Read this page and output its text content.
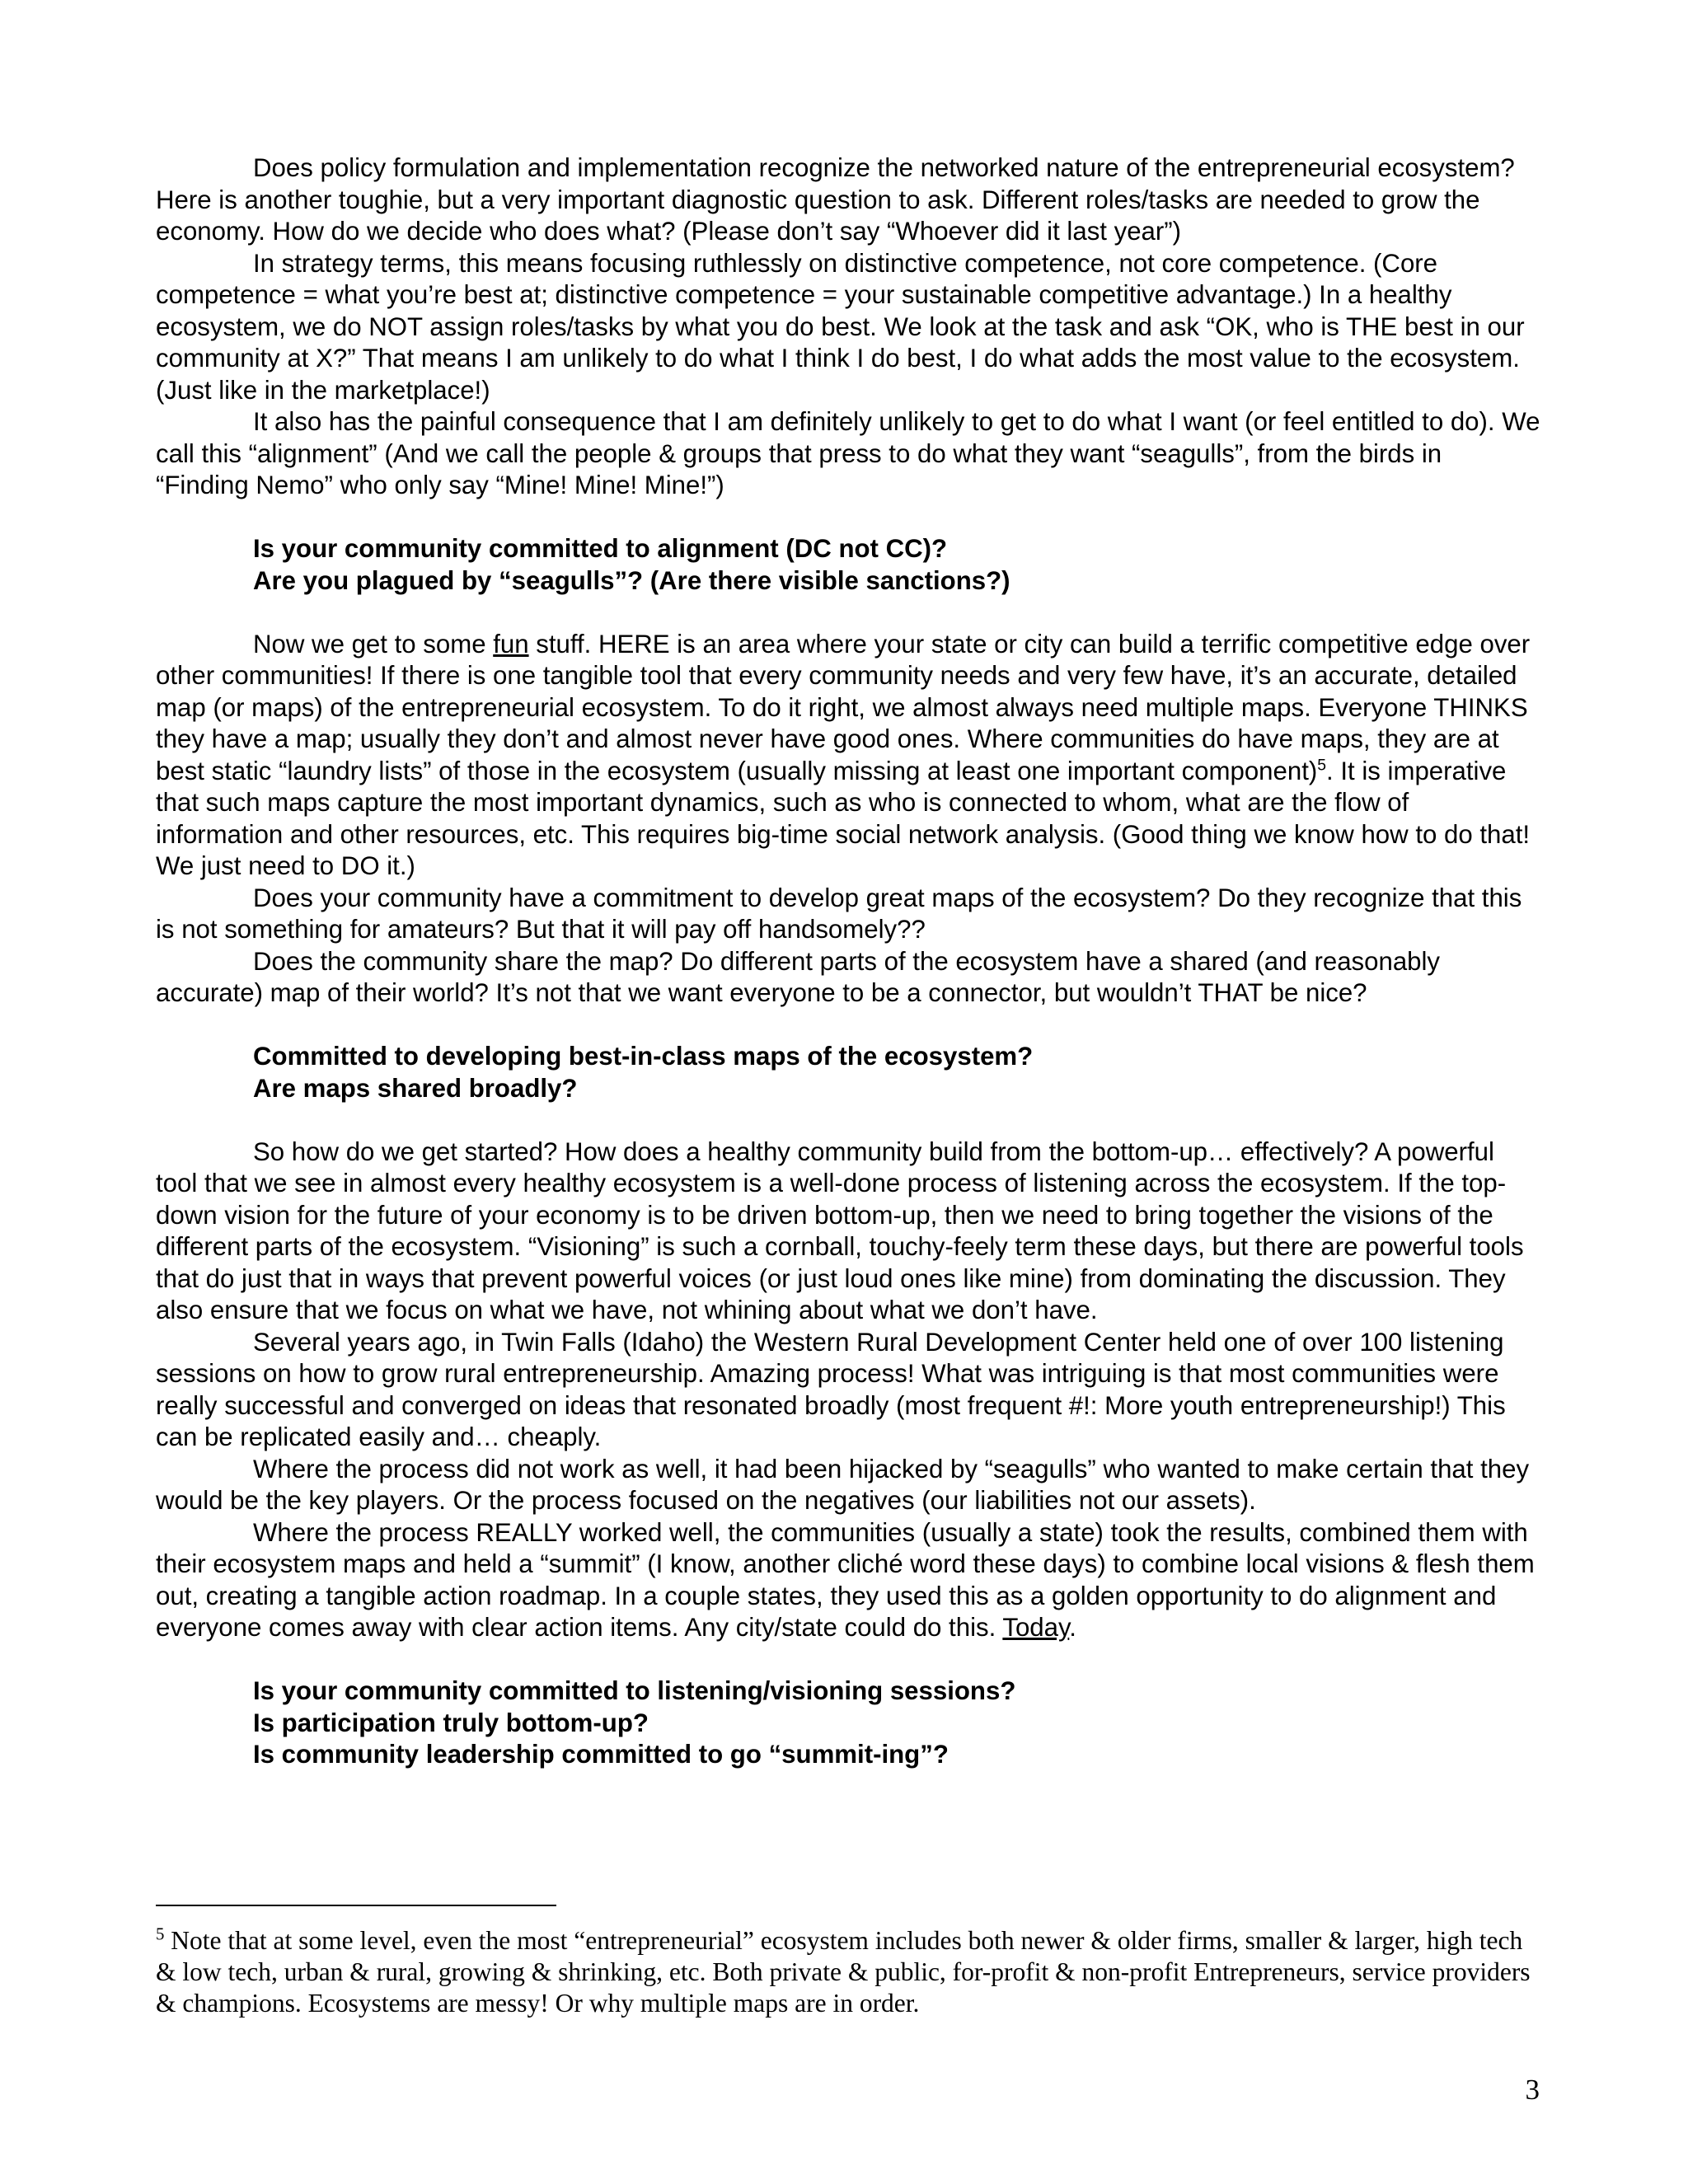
Does policy formulation and implementation recognize the networked nature of the entrepreneurial ecosystem? Here is another toughie, but a very important diagnostic question to ask. Different roles/tasks are needed to grow the economy. How do we decide who does what? (Please don’t say “Whoever did it last year”)

In strategy terms, this means focusing ruthlessly on distinctive competence, not core competence. (Core competence = what you’re best at; distinctive competence = your sustainable competitive advantage.) In a healthy ecosystem, we do NOT assign roles/tasks by what you do best. We look at the task and ask “OK, who is THE best in our community at X?” That means I am unlikely to do what I think I do best, I do what adds the most value to the ecosystem. (Just like in the marketplace!)

It also has the painful consequence that I am definitely unlikely to get to do what I want (or feel entitled to do). We call this “alignment” (And we call the people & groups that press to do what they want “seagulls”, from the birds in “Finding Nemo” who only say “Mine! Mine! Mine!”)

Is your community committed to alignment (DC not CC)?
Are you plagued by “seagulls”? (Are there visible sanctions?)

Now we get to some fun stuff. HERE is an area where your state or city can build a terrific competitive edge over other communities! If there is one tangible tool that every community needs and very few have, it’s an accurate, detailed map (or maps) of the entrepreneurial ecosystem. To do it right, we almost always need multiple maps. Everyone THINKS they have a map; usually they don’t and almost never have good ones. Where communities do have maps, they are at best static “laundry lists” of those in the ecosystem (usually missing at least one important component)$^5$. It is imperative that such maps capture the most important dynamics, such as who is connected to whom, what are the flow of information and other resources, etc. This requires big-time social network analysis. (Good thing we know how to do that! We just need to DO it.)

Does your community have a commitment to develop great maps of the ecosystem? Do they recognize that this is not something for amateurs? But that it will pay off handsomely??

Does the community share the map? Do different parts of the ecosystem have a shared (and reasonably accurate) map of their world? It’s not that we want everyone to be a connector, but wouldn’t THAT be nice?

Committed to developing best-in-class maps of the ecosystem?
Are maps shared broadly?

So how do we get started? How does a healthy community build from the bottom-up… effectively? A powerful tool that we see in almost every healthy ecosystem is a well-done process of listening across the ecosystem. If the top-down vision for the future of your economy is to be driven bottom-up, then we need to bring together the visions of the different parts of the ecosystem. “Visioning” is such a cornball, touchy-feely term these days, but there are powerful tools that do just that in ways that prevent powerful voices (or just loud ones like mine) from dominating the discussion. They also ensure that we focus on what we have, not whining about what we don’t have.

Several years ago, in Twin Falls (Idaho) the Western Rural Development Center held one of over 100 listening sessions on how to grow rural entrepreneurship. Amazing process! What was intriguing is that most communities were really successful and converged on ideas that resonated broadly (most frequent #!: More youth entrepreneurship!) This can be replicated easily and… cheaply.

Where the process did not work as well, it had been hijacked by “seagulls” who wanted to make certain that they would be the key players. Or the process focused on the negatives (our liabilities not our assets).

Where the process REALLY worked well, the communities (usually a state) took the results, combined them with their ecosystem maps and held a “summit” (I know, another cliché word these days) to combine local visions & flesh them out, creating a tangible action roadmap. In a couple states, they used this as a golden opportunity to do alignment and everyone comes away with clear action items. Any city/state could do this. Today.

Is your community committed to listening/visioning sessions?
Is participation truly bottom-up?
Is community leadership committed to go “summit-ing”?
$^5$ Note that at some level, even the most “entrepreneurial” ecosystem includes both newer & older firms, smaller & larger, high tech & low tech, urban & rural, growing & shrinking, etc. Both private & public, for-profit & non-profit Entrepreneurs, service providers & champions. Ecosystems are messy! Or why multiple maps are in order.
3
